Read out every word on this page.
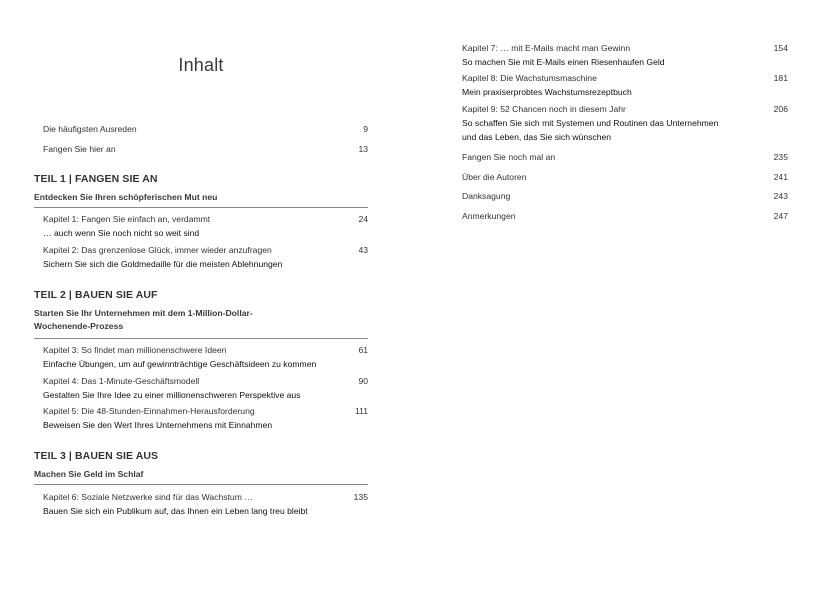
Inhalt
Die häufigsten Ausreden	9
Fangen Sie hier an	13
TEIL 1 | FANGEN SIE AN
Entdecken Sie Ihren schöpferischen Mut neu
Kapitel 1: Fangen Sie einfach an, verdammt	24
… auch wenn Sie noch nicht so weit sind
Kapitel 2: Das grenzenlose Glück, immer wieder anzufragen	43
Sichern Sie sich die Goldmedaille für die meisten Ablehnungen
TEIL 2 | BAUEN SIE AUF
Starten Sie Ihr Unternehmen mit dem 1-Million-Dollar-Wochenende-Prozess
Kapitel 3: So findet man millionenschwere Ideen	61
Einfache Übungen, um auf gewinnträchtige Geschäftsideen zu kommen
Kapitel 4: Das 1-Minute-Geschäftsmodell	90
Gestalten Sie Ihre Idee zu einer millionenschweren Perspektive aus
Kapitel 5: Die 48-Stunden-Einnahmen-Herausforderung	111
Beweisen Sie den Wert Ihres Unternehmens mit Einnahmen
TEIL 3 | BAUEN SIE AUS
Machen Sie Geld im Schlaf
Kapitel 6: Soziale Netzwerke sind für das Wachstum …	135
Bauen Sie sich ein Publikum auf, das Ihnen ein Leben lang treu bleibt
Kapitel 7: … mit E-Mails macht man Gewinn	154
So machen Sie mit E-Mails einen Riesenhaufen Geld
Kapitel 8: Die Wachstumsmaschine	181
Mein praxiserprobtes Wachstumsrezeptbuch
Kapitel 9: 52 Chancen noch in diesem Jahr	206
So schaffen Sie sich mit Systemen und Routinen das Unternehmen
und das Leben, das Sie sich wünschen
Fangen Sie noch mal an	235
Über die Autoren	241
Danksagung	243
Anmerkungen	247
